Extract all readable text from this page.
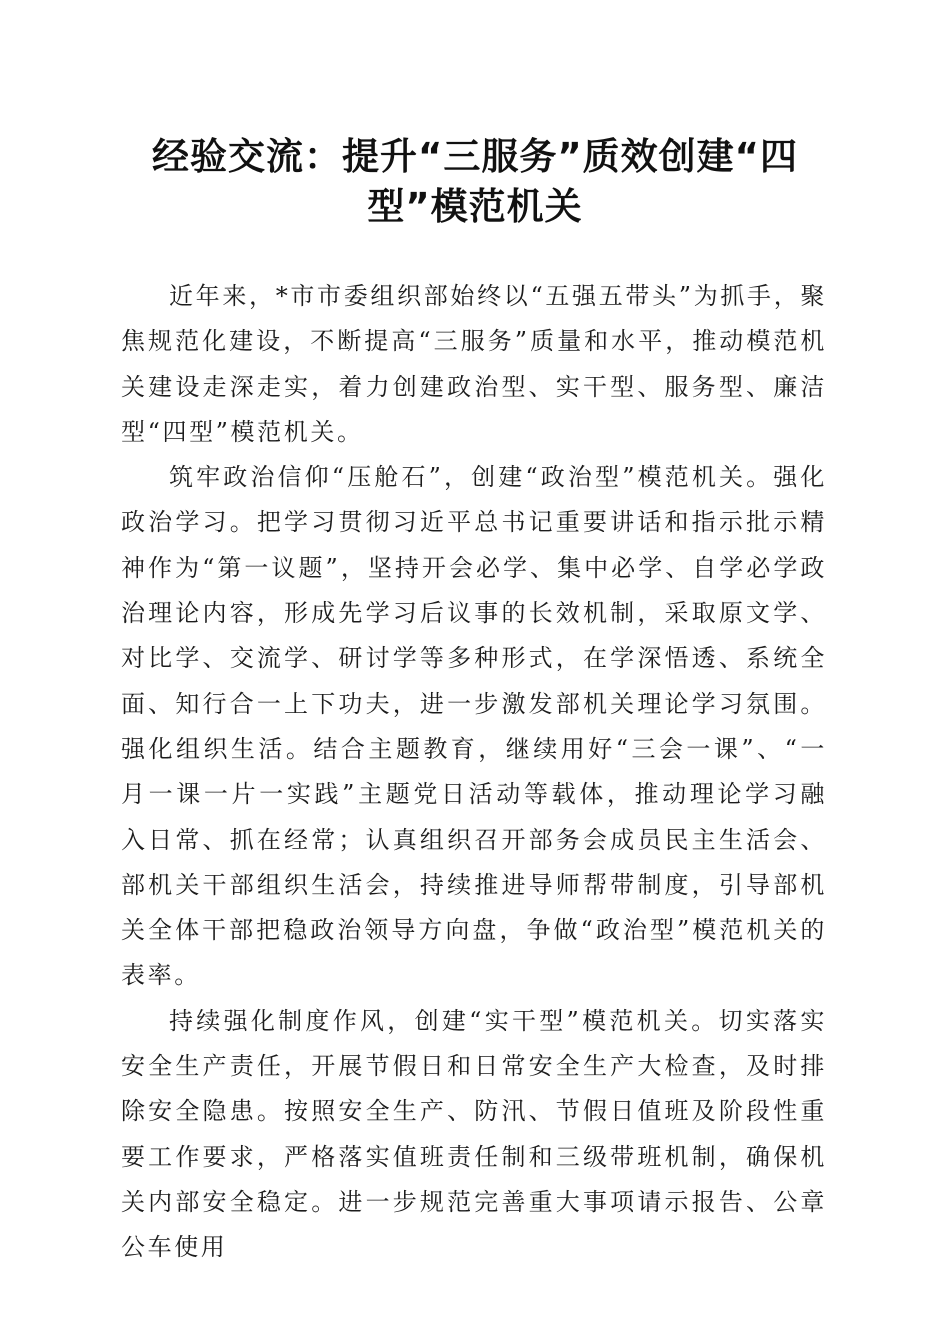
经验交流：提升“三服务”质效创建“四
型”模范机关

近年来，*市市委组织部始终以“五强五带头”为抓手，聚焦规范化建设，不断提高“三服务”质量和水平，推动模范机关建设走深走实，着力创建政治型、实干型、服务型、廉洁型“四型”模范机关。

筑牢政治信仰“压舱石”，创建“政治型”模范机关。强化政治学习。把学习贯彻习近平总书记重要讲话和指示批示精神作为“第一议题”，坚持开会必学、集中必学、自学必学政治理论内容，形成先学习后议事的长效机制，采取原文学、对比学、交流学、研讨学等多种形式，在学深悟透、系统全面、知行合一上下功夫，进一步激发部机关理论学习氛围。强化组织生活。结合主题教育，继续用好“三会一课”、“一月一课一片一实践”主题党日活动等载体，推动理论学习融入日常、抓在经常；认真组织召开部务会成员民主生活会、部机关干部组织生活会，持续推进导师帮带制度，引导部机关全体干部把稳政治领导方向盘，争做“政治型”模范机关的表率。

持续强化制度作风，创建“实干型”模范机关。切实落实安全生产责任，开展节假日和日常安全生产大检查，及时排除安全隐患。按照安全生产、防汛、节假日值班及阶段性重要工作要求，严格落实值班责任制和三级带班机制，确保机关内部安全稳定。进一步规范完善重大事项请示报告、公章公车使用
